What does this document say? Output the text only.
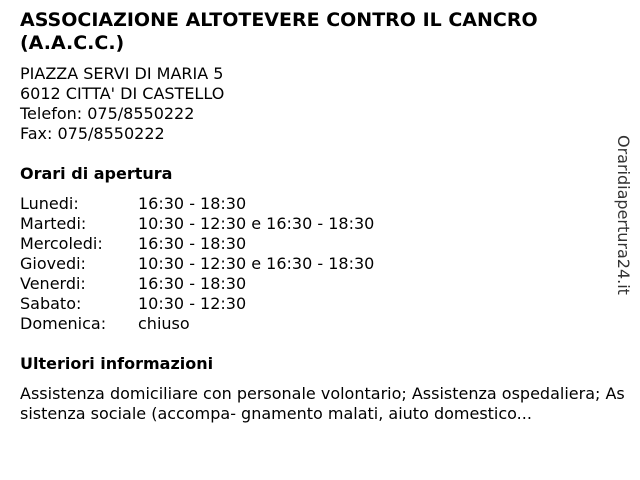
ASSOCIAZIONE ALTOTEVERE CONTRO IL CANCRO (A.A.C.C.)
PIAZZA SERVI DI MARIA 5
6012 CITTA' DI CASTELLO
Telefon: 075/8550222
Fax: 075/8550222
Orari di apertura
Lunedi:	16:30 - 18:30
Martedi:	10:30 - 12:30 e 16:30 - 18:30
Mercoledi:	16:30 - 18:30
Giovedi:	10:30 - 12:30 e 16:30 - 18:30
Venerdi:	16:30 - 18:30
Sabato:	10:30 - 12:30
Domenica:	chiuso
Ulteriori informazioni

Assistenza domiciliare con personale volontario; Assistenza ospedaliera; Assistenza sociale (accompa- gnamento malati, aiuto domestico...

Oraridiapertura24.it
